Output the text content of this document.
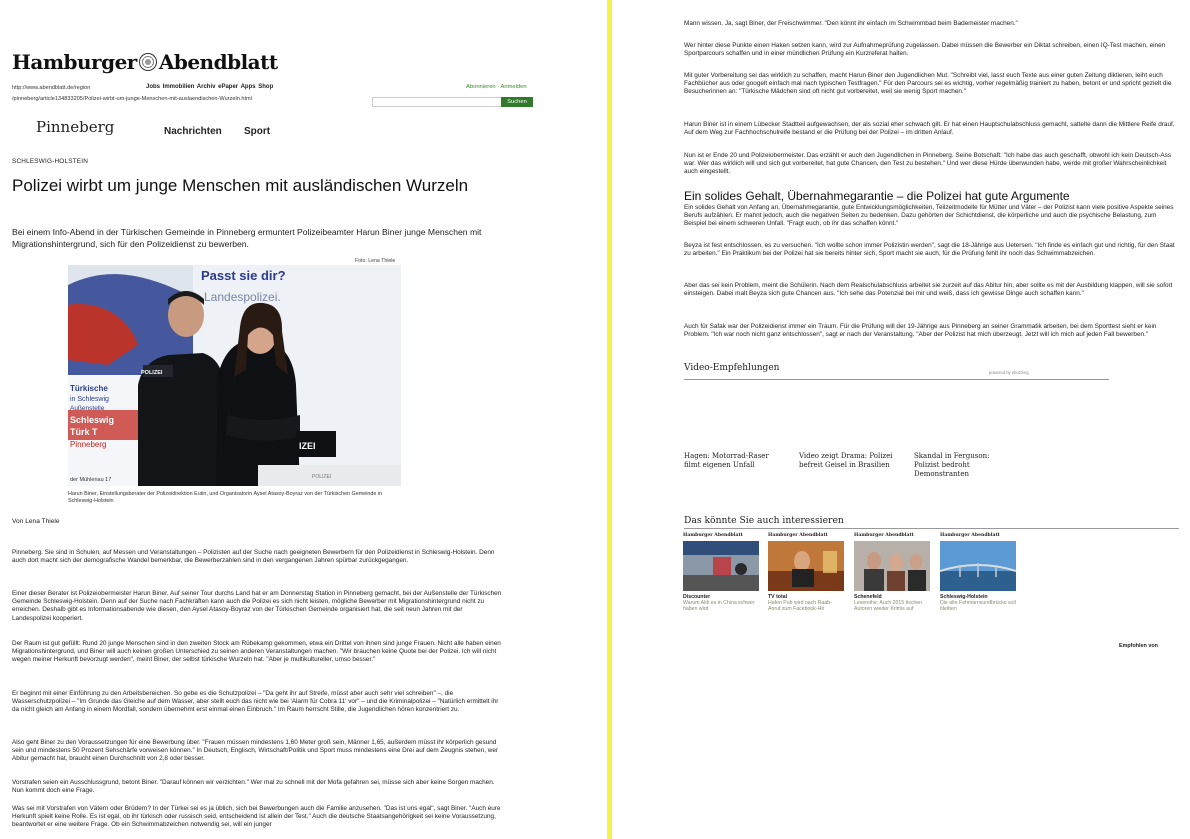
Hamburger Abendblatt
http://www.abendblatt.de/region
/pinneberg/article134833205/Polizei-wirbt-um-junge-Menschen-mit-auslaendischen-Wurzeln.html
Jobs Immobilien Archiv ePaper Apps Shop	Abonnieren · Anmelden
Suchen
Pinneberg	Nachrichten Sport
SCHLESWIG-HOLSTEIN
Polizei wirbt um junge Menschen mit ausländischen Wurzeln
Bei einem Info-Abend in der Türkischen Gemeinde in Pinneberg ermuntert Polizeibeamter Harun Biner junge Menschen mit Migrationshintergrund, sich für den Polizeidienst zu bewerben.
Foto: Lena Thiele
Passt sie dir?
Landespolizei.
Türkische
in Schleswig
Außenstelle
Schleswig
Türk T
Pinneberg
der Mühlenau 17
POLIZEI
IZEI
POLIZEI
Harun Biner, Einstellungsberater der Polizeidirektion Eutin, und Organisatorin Aysel Atasoy-Boyraz von der Türkischen Gemeinde in Schleswig-Holstein
Von Lena Thiele

Pinneberg. Sie sind in Schulen, auf Messen und Veranstaltungen – Polizisten auf der Suche nach geeigneten Bewerbern für den Polizeidienst in Schleswig-Holstein. Denn auch dort macht sich der demografische Wandel bemerkbar, die Bewerberzahlen sind in den vergangenen Jahren spürbar zurückgegangen.

Einer dieser Berater ist Polizeiobermeister Harun Biner. Auf seiner Tour durchs Land hat er am Donnerstag Station in Pinneberg gemacht, bei der Außenstelle der Türkischen Gemeinde Schleswig-Holstein. Denn auf der Suche nach Fachkräften kann auch die Polizei es sich nicht leisten, mögliche Bewerber mit Migrationshintergrund nicht zu erreichen. Deshalb gibt es Informationsabende wie diesen, den Aysel Atasoy-Boyraz von der Türkischen Gemeinde organisiert hat, die seit neun Jahren mit der Landespolizei kooperiert.

Der Raum ist gut gefüllt: Rund 20 junge Menschen sind in den zweiten Stock am Rübekamp gekommen, etwa ein Drittel von ihnen sind junge Frauen. Nicht alle haben einen Migrationshintergrund, und Biner will auch keinen großen Unterschied zu seinen anderen Veranstaltungen machen. "Wir brauchen keine Quote bei der Polizei. Ich will nicht wegen meiner Herkunft bevorzugt werden", meint Biner, der selbst türkische Wurzeln hat. "Aber je multikultureller, umso besser."

Er beginnt mit einer Einführung zu den Arbeitsbereichen. So gebe es die Schutzpolizei – "Da geht ihr auf Streife, müsst aber auch sehr viel schreiben" –, die Wasserschutzpolizei – "Im Grunde das Gleiche auf dem Wasser, aber stellt euch das nicht wie bei 'Alarm für Cobra 11' vor" – und die Kriminalpolizei – "Natürlich ermittelt ihr da nicht gleich am Anfang in einem Mordfall, sondern übernehmt erst einmal einen Einbruch." Im Raum herrscht Stille, die Jugendlichen hören konzentriert zu.

Also geht Biner zu den Voraussetzungen für eine Bewerbung über. "Frauen müssen mindestens 1,60 Meter groß sein, Männer 1,65, außerdem müsst ihr körperlich gesund sein und mindestens 50 Prozent Sehschärfe vorweisen können." In Deutsch, Englisch, Wirtschaft/Politik und Sport muss mindestens eine Drei auf dem Zeugnis stehen, wer Abitur gemacht hat, braucht einen Durchschnitt von 2,8 oder besser.

Vorstrafen seien ein Ausschlussgrund, betont Biner. "Darauf können wir verzichten." Wer mal zu schnell mit der Mofa gefahren sei, müsse sich aber keine Sorgen machen. Nun kommt doch eine Frage.

Was sei mit Vorstrafen von Vätern oder Brüdern? In der Türkei sei es ja üblich, sich bei Bewerbungen auch die Familie anzusehen. "Das ist uns egal", sagt Biner. "Auch eure Herkunft spielt keine Rolle. Es ist egal, ob ihr türkisch oder russisch seid, entscheidend ist allein der Test." Auch die deutsche Staatsangehörigkeit sei keine Voraussetzung, beantwortet er eine weitere Frage. Ob ein Schwimmabzeichen notwendig sei, will ein junger

Mann wissen. Ja, sagt Biner, der Freischwimmer. "Den könnt ihr einfach im Schwimmbad beim Bademeister machen."

Wer hinter diese Punkte einen Haken setzen kann, wird zur Aufnahmeprüfung zugelassen. Dabei müssen die Bewerber ein Diktat schreiben, einen IQ-Test machen, einen Sportparcours schaffen und in einer mündlichen Prüfung ein Kurzreferat halten.

Mit guter Vorbereitung sei das wirklich zu schaffen, macht Harun Biner den Jugendlichen Mut. "Schreibt viel, lasst euch Texte aus einer guten Zeitung diktieren, leiht euch Fachbücher aus oder googelt einfach mal nach typischen Testfragen." Für den Parcours sei es wichtig, vorher regelmäßig trainiert zu haben, betont er und spricht gezielt die Besucherinnen an: "Türkische Mädchen sind oft nicht gut vorbereitet, weil sie wenig Sport machen."

Harun Biner ist in einem Lübecker Stadtteil aufgewachsen, der als sozial eher schwach gilt. Er hat einen Hauptschulabschluss gemacht, sattelte dann die Mittlere Reife drauf. Auf dem Weg zur Fachhochschulreife bestand er die Prüfung bei der Polizei – im dritten Anlauf.

Nun ist er Ende 20 und Polizeiobermeister. Das erzählt er auch den Jugendlichen in Pinneberg. Seine Botschaft: "Ich habe das auch geschafft, obwohl ich kein Deutsch-Ass war. Wer das wirklich will und sich gut vorbereitet, hat gute Chancen, den Test zu bestehen." Und wer diese Hürde überwunden habe, werde mit großer Wahrscheinlichkeit auch eingestellt.

Ein solides Gehalt, Übernahmegarantie – die Polizei hat gute Argumente

Ein solides Gehalt von Anfang an, Übernahmegarantie, gute Entwicklungsmöglichkeiten, Teilzeitmodelle für Mütter und Väter – der Polizist kann viele positive Aspekte seines Berufs aufzählen. Er mahnt jedoch, auch die negativen Seiten zu bedenken. Dazu gehörten der Schichtdienst, die körperliche und auch die psychische Belastung, zum Beispiel bei einem schweren Unfall. "Fragt euch, ob ihr das schaffen könnt."

Beyza ist fest entschlossen, es zu versuchen. "Ich wollte schon immer Polizistin werden", sagt die 18-Jährige aus Uetersen. "Ich finde es einfach gut und richtig, für den Staat zu arbeiten." Ein Praktikum bei der Polizei hat sie bereits hinter sich, Sport macht sie auch, für die Prüfung fehlt ihr noch das Schwimmabzeichen.

Aber das sei kein Problem, meint die Schülerin. Nach dem Realschulabschluss arbeitet sie zurzeit auf das Abitur hin, aber sollte es mit der Ausbildung klappen, will sie sofort einsteigen. Dabei malt Beyza sich gute Chancen aus. "Ich sehe das Potenzial bei mir und weiß, dass ich gewisse Dinge auch schaffen kann."

Auch für Safak war der Polizeidienst immer ein Traum. Für die Prüfung will der 19-Jährige aus Pinneberg an seiner Grammatik arbeiten, bei dem Sporttest sieht er kein Problem. "Ich war noch nicht ganz entschlossen", sagt er nach der Veranstaltung. "Aber der Polizist hat mich überzeugt. Jetzt will ich mich auf jeden Fall bewerben."

Video-Empfehlungen	powered by ebuzzing
Hagen: Motorrad-Raser filmt eigenen Unfall
Video zeigt Drama: Polizei befreit Geisel in Brasilien
Skandal in Ferguson: Polizist bedroht Demonstranten
Das könnte Sie auch interessieren
Hamburger Abendblatt
Discounter
Warum Aldi es in China schwer haben wird
Hamburger Abendblatt
TV total
Hafen Pub wird nach Raab-Anruf zum Facebook-Hit
Hamburger Abendblatt
Schenefeld
Lesereihe: Auch 2015 tischen Autoren wieder Krimis auf
Hamburger Abendblatt
Schleswig-Holstein
Die alte Fehmarnsundbrücke soll bleiben
Empfohlen von
